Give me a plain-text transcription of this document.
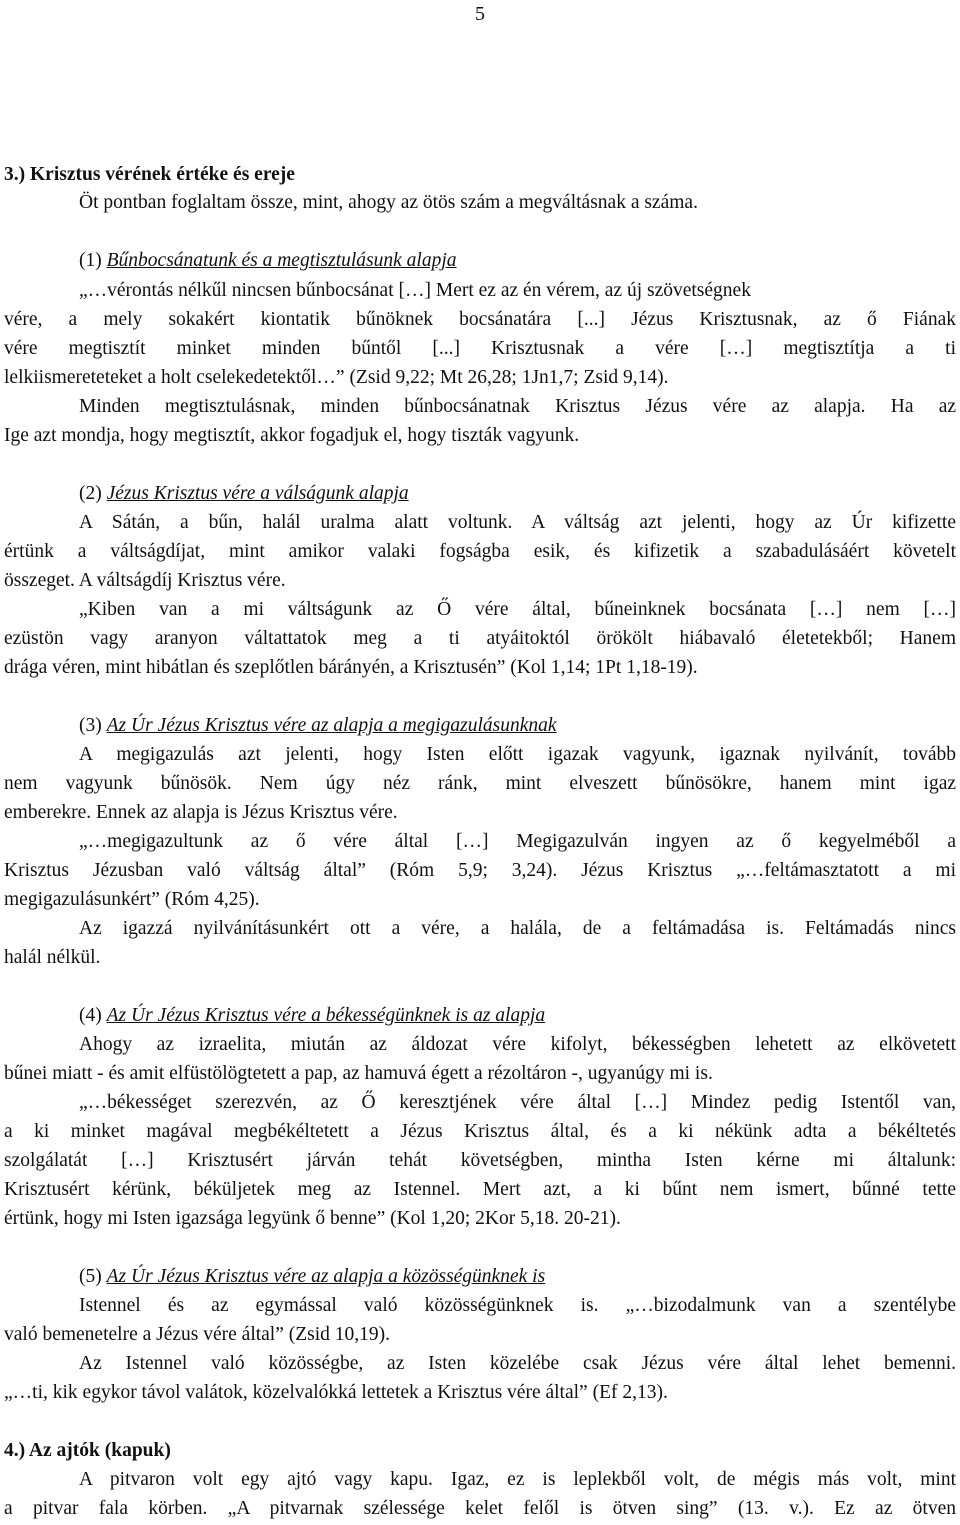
5
3.) Krisztus vérének értéke és ereje
Öt pontban foglaltam össze, mint, ahogy az ötös szám a megváltásnak a száma.
(1) Bűnbocsánatunk és a megtisztulásunk alapja
„…vérontás nélkűl nincsen bűnbocsánat […] Mert ez az én vérem, az új szövetségnek
vére, a mely sokakért kiontatik bűnöknek bocsánatára [...] Jézus Krisztusnak, az ő Fiának
vére megtisztít minket minden bűntől [...] Krisztusnak a vére […] megtisztítja a ti
lelkiismereteteket a holt cselekedetektől…” (Zsid 9,22; Mt 26,28; 1Jn1,7; Zsid 9,14).
Minden megtisztulásnak, minden bűnbocsánatnak Krisztus Jézus vére az alapja. Ha az
Ige azt mondja, hogy megtisztít, akkor fogadjuk el, hogy tiszták vagyunk.
(2) Jézus Krisztus vére a válságunk alapja
A Sátán, a bűn, halál uralma alatt voltunk. A váltság azt jelenti, hogy az Úr kifizette
értünk a váltságdíjat, mint amikor valaki fogságba esik, és kifizetik a szabadulásáért követelt
összeget. A váltságdíj Krisztus vére.
„Kiben van a mi váltságunk az Ő vére által, bűneinknek bocsánata […] nem […]
ezüstön vagy aranyon váltattatok meg a ti atyáitoktól örökölt hiábavaló életetekből; Hanem
drága véren, mint hibátlan és szeplőtlen bárányén, a Krisztusén” (Kol 1,14; 1Pt 1,18-19).
(3) Az Úr Jézus Krisztus vére az alapja a megigazulásunknak
A megigazulás azt jelenti, hogy Isten előtt igazak vagyunk, igaznak nyilvánít, tovább
nem vagyunk bűnösök. Nem úgy néz ránk, mint elveszett bűnösökre, hanem mint igaz
emberekre. Ennek az alapja is Jézus Krisztus vére.
„…megigazultunk az ő vére által […] Megigazulván ingyen az ő kegyelméből a
Krisztus Jézusban való váltság által” (Róm 5,9; 3,24). Jézus Krisztus „…feltámasztatott a mi
megigazulásunkért” (Róm 4,25).
Az igazzá nyilvánításunkért ott a vére, a halála, de a feltámadása is. Feltámadás nincs
halál nélkül.
(4) Az Úr Jézus Krisztus vére a békességünknek is az alapja
Ahogy az izraelita, miután az áldozat vére kifolyt, békességben lehetett az elkövetett
bűnei miatt - és amit elfüstölögtetett a pap, az hamuvá égett a rézoltáron -, ugyanúgy mi is.
„…békességet szerezvén, az Ő keresztjének vére által […] Mindez pedig Istentől van,
a ki minket magával megbékéltetett a Jézus Krisztus által, és a ki nékünk adta a békéltetés
szolgálatát […] Krisztusért járván tehát követségben, mintha Isten kérne mi általunk:
Krisztusért kérünk, béküljetek meg az Istennel. Mert azt, a ki bűnt nem ismert, bűnné tette
értünk, hogy mi Isten igazsága legyünk ő benne” (Kol 1,20; 2Kor 5,18. 20-21).
(5) Az Úr Jézus Krisztus vére az alapja a közösségünknek is
Istennel és az egymással való közösségünknek is. „…bizodalmunk van a szentélybe
való bemenetelre a Jézus vére által” (Zsid 10,19).
Az Istennel való közösségbe, az Isten közelébe csak Jézus vére által lehet bemenni.
„…ti, kik egykor távol valátok, közelvalókká lettetek a Krisztus vére által” (Ef 2,13).
4.) Az ajtók (kapuk)
A pitvaron volt egy ajtó vagy kapu. Igaz, ez is leplekből volt, de mégis más volt, mint
a pitvar fala körben. „A pitvarnak szélessége kelet felől is ötven sing” (13. v.). Ez az ötven
